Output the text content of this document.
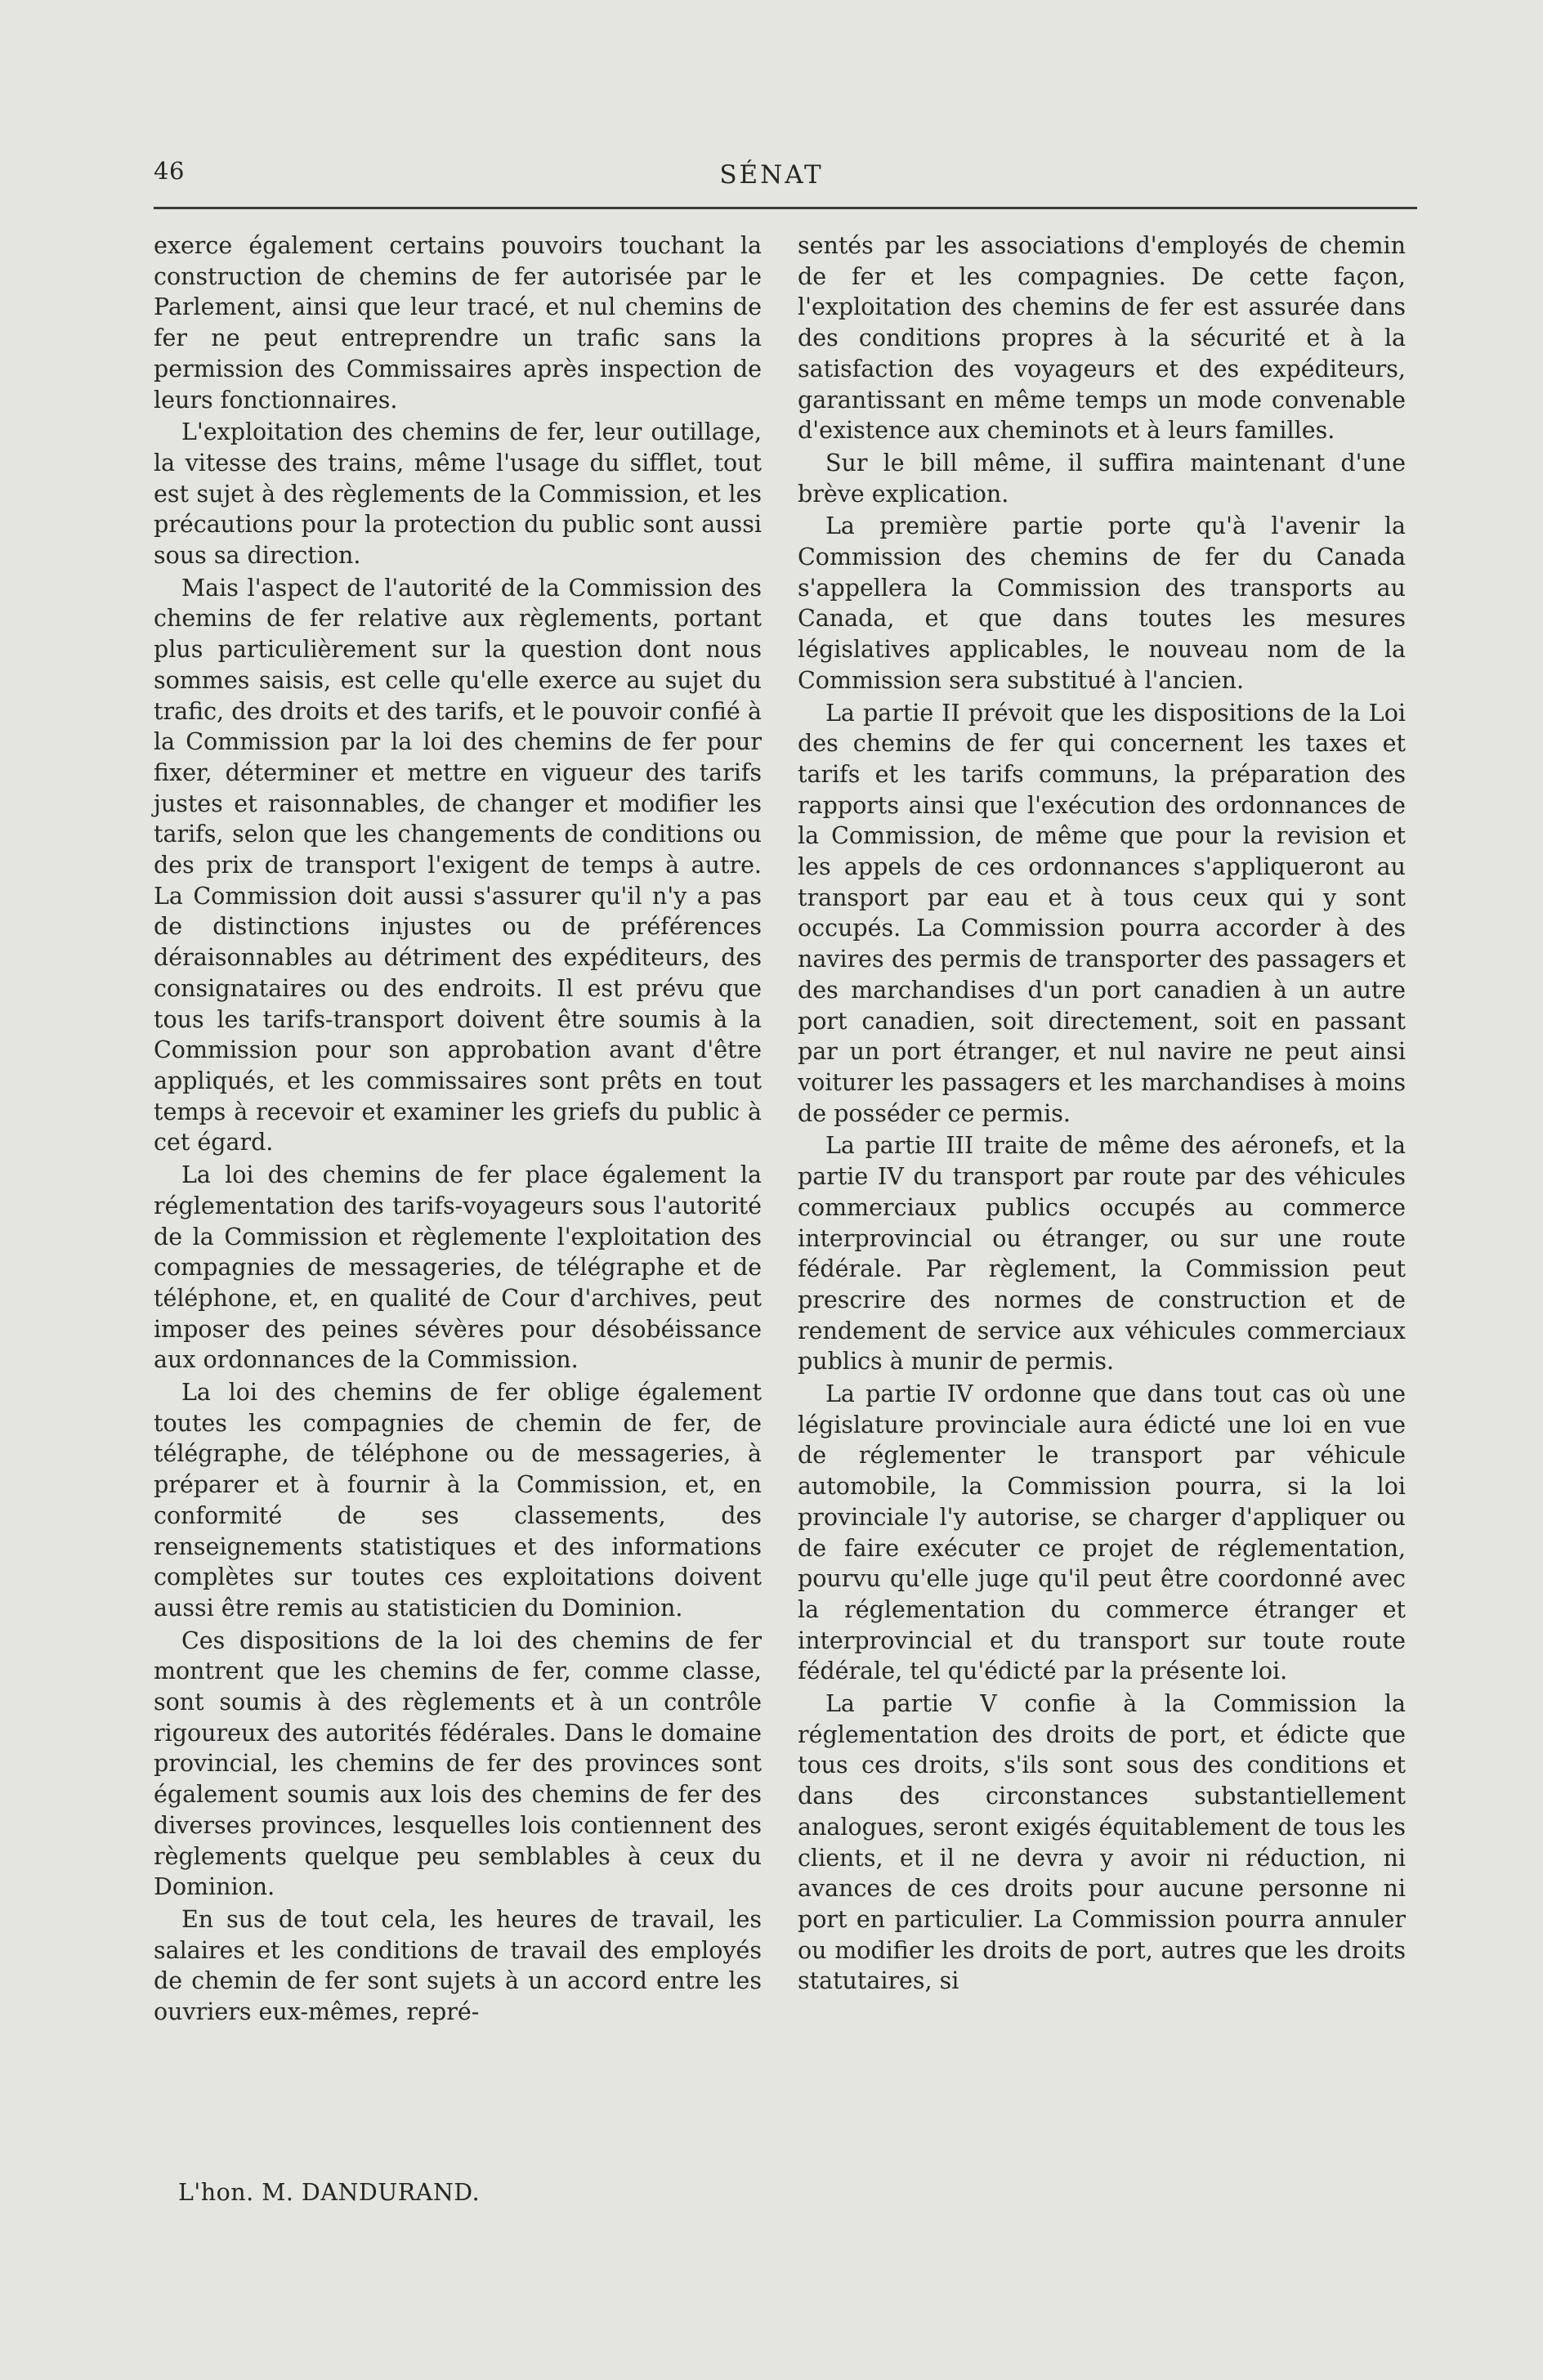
46	SÉNAT

exerce également certains pouvoirs touchant la construction de chemins de fer autorisée par le Parlement, ainsi que leur tracé, et nul chemins de fer ne peut entreprendre un trafic sans la permission des Commissaires après inspection de leurs fonctionnaires.

L'exploitation des chemins de fer, leur outillage, la vitesse des trains, même l'usage du sifflet, tout est sujet à des règlements de la Commission, et les précautions pour la protection du public sont aussi sous sa direction.

Mais l'aspect de l'autorité de la Commission des chemins de fer relative aux règlements, portant plus particulièrement sur la question dont nous sommes saisis, est celle qu'elle exerce au sujet du trafic, des droits et des tarifs, et le pouvoir confié à la Commission par la loi des chemins de fer pour fixer, déterminer et mettre en vigueur des tarifs justes et raisonnables, de changer et modifier les tarifs, selon que les changements de conditions ou des prix de transport l'exigent de temps à autre. La Commission doit aussi s'assurer qu'il n'y a pas de distinctions injustes ou de préférences déraisonnables au détriment des expéditeurs, des consignataires ou des endroits. Il est prévu que tous les tarifs-transport doivent être soumis à la Commission pour son approbation avant d'être appliqués, et les commissaires sont prêts en tout temps à recevoir et examiner les griefs du public à cet égard.

La loi des chemins de fer place également la réglementation des tarifs-voyageurs sous l'autorité de la Commission et règlemente l'exploitation des compagnies de messageries, de télégraphe et de téléphone, et, en qualité de Cour d'archives, peut imposer des peines sévères pour désobéissance aux ordonnances de la Commission.

La loi des chemins de fer oblige également toutes les compagnies de chemin de fer, de télégraphe, de téléphone ou de messageries, à préparer et à fournir à la Commission, et, en conformité de ses classements, des renseignements statistiques et des informations complètes sur toutes ces exploitations doivent aussi être remis au statisticien du Dominion.

Ces dispositions de la loi des chemins de fer montrent que les chemins de fer, comme classe, sont soumis à des règlements et à un contrôle rigoureux des autorités fédérales. Dans le domaine provincial, les chemins de fer des provinces sont également soumis aux lois des chemins de fer des diverses provinces, lesquelles lois contiennent des règlements quelque peu semblables à ceux du Dominion.

En sus de tout cela, les heures de travail, les salaires et les conditions de travail des employés de chemin de fer sont sujets à un accord entre les ouvriers eux-mêmes, repré-

sentés par les associations d'employés de chemin de fer et les compagnies. De cette façon, l'exploitation des chemins de fer est assurée dans des conditions propres à la sécurité et à la satisfaction des voyageurs et des expéditeurs, garantissant en même temps un mode convenable d'existence aux cheminots et à leurs familles.

Sur le bill même, il suffira maintenant d'une brève explication.

La première partie porte qu'à l'avenir la Commission des chemins de fer du Canada s'appellera la Commission des transports au Canada, et que dans toutes les mesures législatives applicables, le nouveau nom de la Commission sera substitué à l'ancien.

La partie II prévoit que les dispositions de la Loi des chemins de fer qui concernent les taxes et tarifs et les tarifs communs, la préparation des rapports ainsi que l'exécution des ordonnances de la Commission, de même que pour la revision et les appels de ces ordonnances s'appliqueront au transport par eau et à tous ceux qui y sont occupés. La Commission pourra accorder à des navires des permis de transporter des passagers et des marchandises d'un port canadien à un autre port canadien, soit directement, soit en passant par un port étranger, et nul navire ne peut ainsi voiturer les passagers et les marchandises à moins de posséder ce permis.

La partie III traite de même des aéronefs, et la partie IV du transport par route par des véhicules commerciaux publics occupés au commerce interprovincial ou étranger, ou sur une route fédérale. Par règlement, la Commission peut prescrire des normes de construction et de rendement de service aux véhicules commerciaux publics à munir de permis.

La partie IV ordonne que dans tout cas où une législature provinciale aura édicté une loi en vue de réglementer le transport par véhicule automobile, la Commission pourra, si la loi provinciale l'y autorise, se charger d'appliquer ou de faire exécuter ce projet de réglementation, pourvu qu'elle juge qu'il peut être coordonné avec la réglementation du commerce étranger et interprovincial et du transport sur toute route fédérale, tel qu'édicté par la présente loi.

La partie V confie à la Commission la réglementation des droits de port, et édicte que tous ces droits, s'ils sont sous des conditions et dans des circonstances substantiellement analogues, seront exigés équitablement de tous les clients, et il ne devra y avoir ni réduction, ni avances de ces droits pour aucune personne ni port en particulier. La Commission pourra annuler ou modifier les droits de port, autres que les droits statutaires, si

L'hon. M. DANDURAND.
